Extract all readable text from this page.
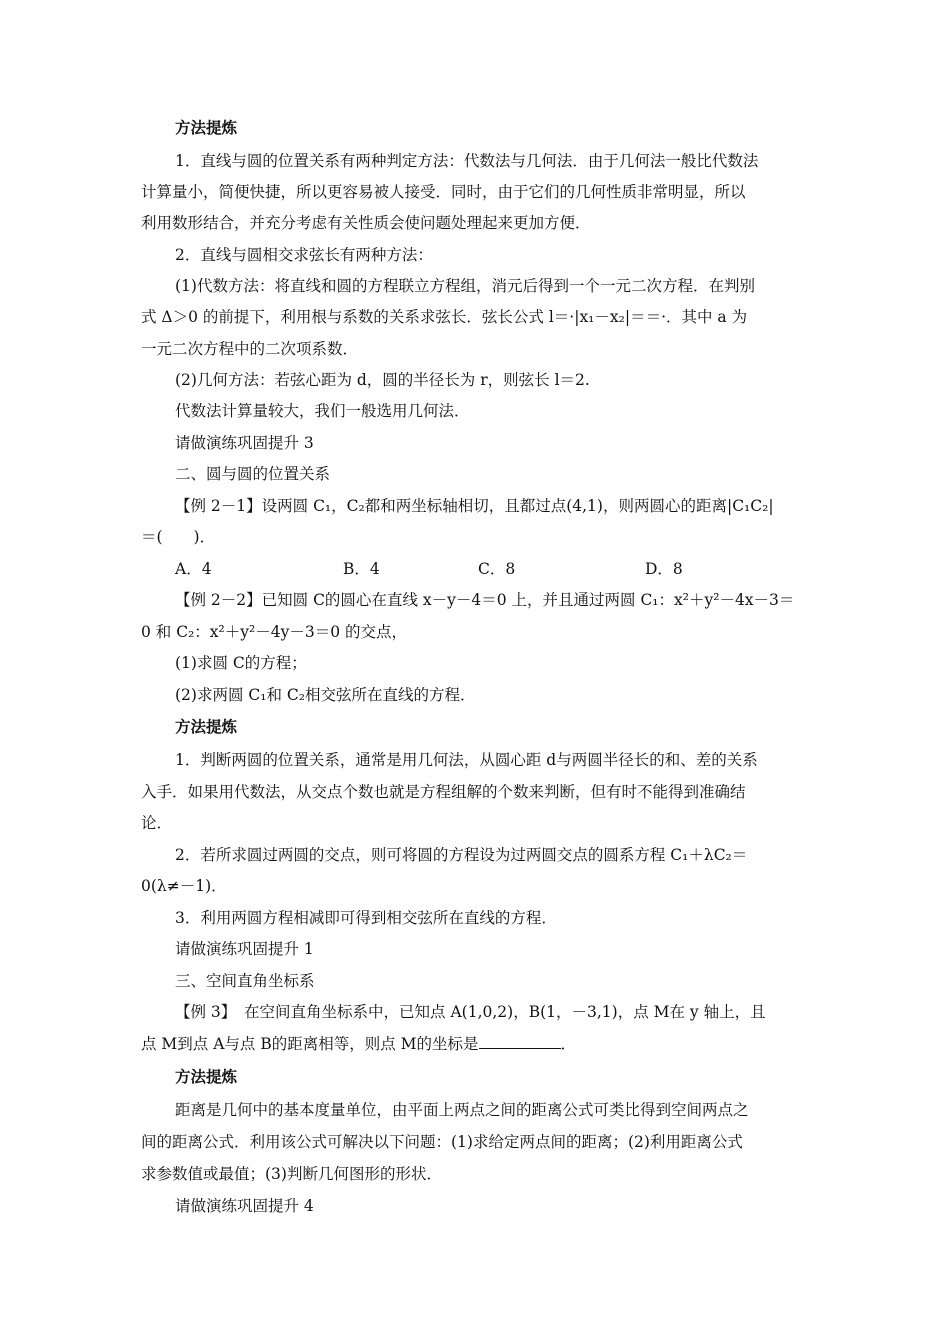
方法提炼
1．直线与圆的位置关系有两种判定方法：代数法与几何法．由于几何法一般比代数法
计算量小，简便快捷，所以更容易被人接受．同时，由于它们的几何性质非常明显，所以
利用数形结合，并充分考虑有关性质会使问题处理起来更加方便．
2．直线与圆相交求弦长有两种方法：
(1)代数方法：将直线和圆的方程联立方程组，消元后得到一个一元二次方程．在判别
式 Δ＞0 的前提下，利用根与系数的关系求弦长．弦长公式 l＝·|x₁－x₂|＝＝·．其中 a 为
一元二次方程中的二次项系数．
(2)几何方法：若弦心距为 d，圆的半径长为 r，则弦长 l＝2.
代数法计算量较大，我们一般选用几何法．
请做演练巩固提升 3
二、圆与圆的位置关系
【例 2－1】设两圆 C₁，C₂都和两坐标轴相切，且都过点(4,1)，则两圆心的距离|C₁C₂|
＝(　　)．
A．4	B．4	C．8	D．8
【例 2－2】已知圆 C的圆心在直线 x－y－4＝0 上，并且通过两圆 C₁：x²＋y²－4x－3＝
0 和 C₂：x²＋y²－4y－3＝0 的交点，
(1)求圆 C的方程；
(2)求两圆 C₁和 C₂相交弦所在直线的方程．
方法提炼
1．判断两圆的位置关系，通常是用几何法，从圆心距 d与两圆半径长的和、差的关系
入手．如果用代数法，从交点个数也就是方程组解的个数来判断，但有时不能得到准确结
论．
2．若所求圆过两圆的交点，则可将圆的方程设为过两圆交点的圆系方程 C₁＋λC₂＝
0(λ≠－1)．
3．利用两圆方程相减即可得到相交弦所在直线的方程．
请做演练巩固提升 1
三、空间直角坐标系
【例 3】　在空间直角坐标系中，已知点 A(1,0,2)，B(1，－3,1)，点 M在 y 轴上，且
点 M到点 A与点 B的距离相等，则点 M的坐标是	．
方法提炼
距离是几何中的基本度量单位，由平面上两点之间的距离公式可类比得到空间两点之
间的距离公式．利用该公式可解决以下问题：(1)求给定两点间的距离；(2)利用距离公式
求参数值或最值；(3)判断几何图形的形状．
请做演练巩固提升 4
